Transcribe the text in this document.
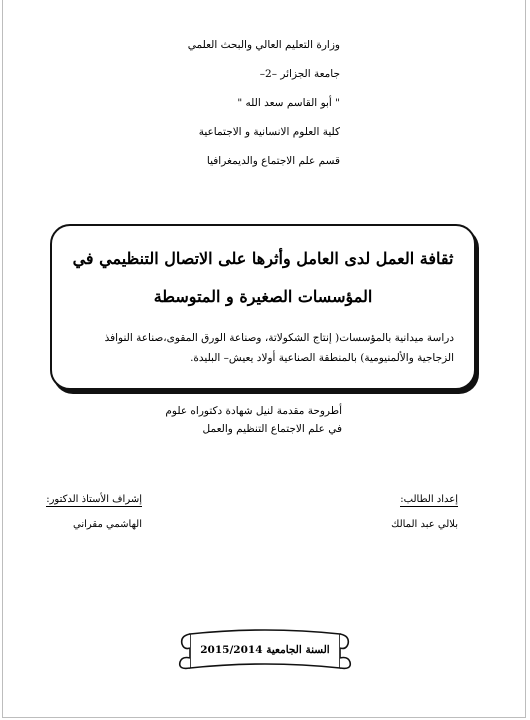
وزارة التعليم العالي والبحث العلمي

جامعة الجزائر –2–

" أبو القاسم سعد الله "

كلية العلوم الانسانية و الاجتماعية

قسم علم الاجتماع والديمغرافيا

ثقافة العمل لدى العامل وأثرها على الاتصال التنظيمي في المؤسسات الصغيرة و المتوسطة
دراسة ميدانية بالمؤسسات( إنتاج الشكولاتة، وصناعة الورق المقوى،صناعة النوافذ الزجاجية والألمنيومية) بالمنطقة الصناعية أولاد يعيش– البليدة.

أطروحة مقدمة لنيل شهادة دكتوراه علوم

في علم الاجتماع التنظيم والعمل

إعداد الطالب:
بلالي عبد المالك
إشراف الأستاذ الدكتور:
الهاشمي مقراني
السنة الجامعية 2015/2014
